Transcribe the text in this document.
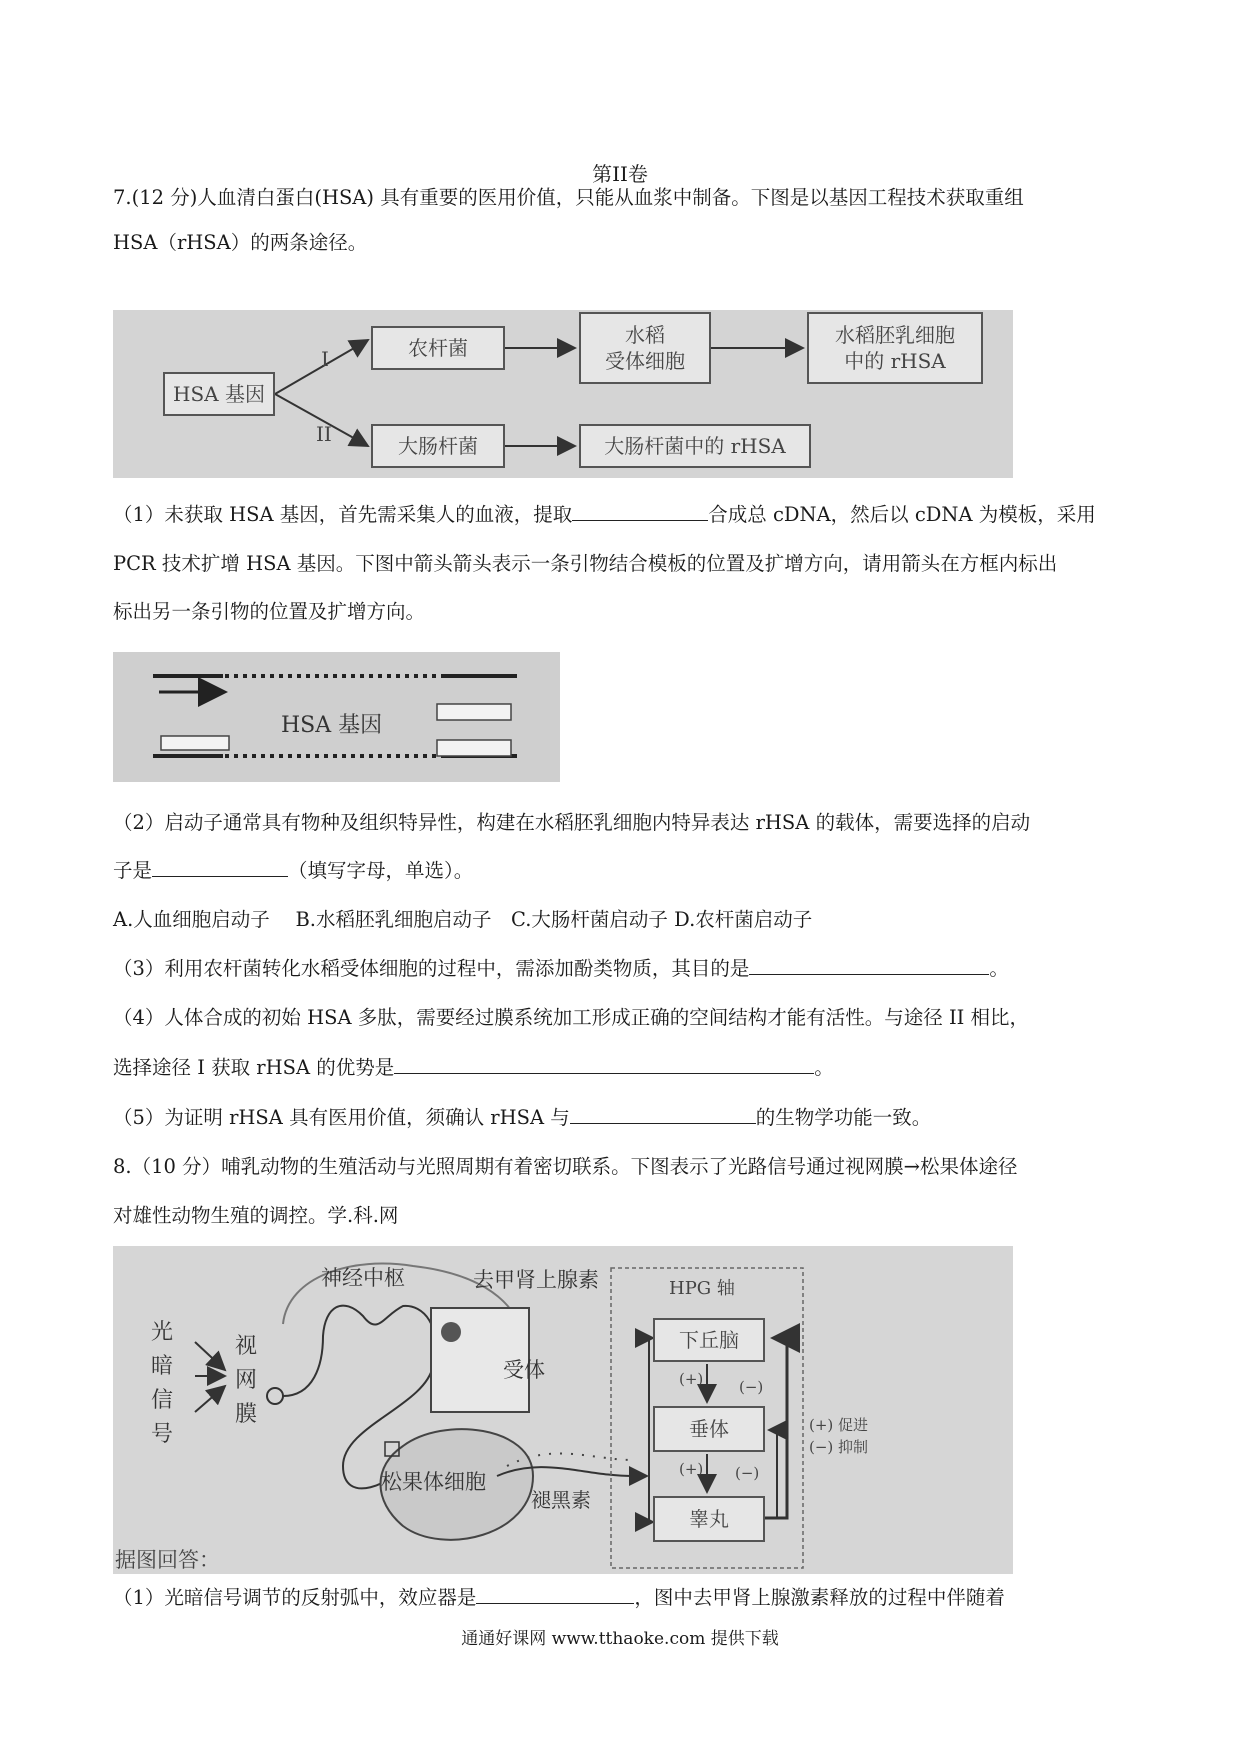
第II卷
7.(12 分)人血清白蛋白(HSA) 具有重要的医用价值，只能从血浆中制备。下图是以基因工程技术获取重组
HSA（rHSA）的两条途径。
HSA 基因
I
II
农杆菌
水稻
受体细胞
水稻胚乳细胞
中的 rHSA
大肠杆菌	大肠杆菌中的 rHSA
（1）未获取 HSA 基因，首先需采集人的血液，提取	合成总 cDNA，然后以 cDNA 为模板，采用
PCR 技术扩增 HSA 基因。下图中箭头箭头表示一条引物结合模板的位置及扩增方向，请用箭头在方框内标出
标出另一条引物的位置及扩增方向。
HSA 基因
（2）启动子通常具有物种及组织特异性，构建在水稻胚乳细胞内特异表达 rHSA 的载体，需要选择的启动
子是	（填写字母，单选）。
A.人血细胞启动子　 B.水稻胚乳细胞启动子　C.大肠杆菌启动子 D.农杆菌启动子
（3）利用农杆菌转化水稻受体细胞的过程中，需添加酚类物质，其目的是	。
（4）人体合成的初始 HSA 多肽，需要经过膜系统加工形成正确的空间结构才能有活性。与途径 II 相比，
选择途径 I 获取 rHSA 的优势是	。
（5）为证明 rHSA 具有医用价值，须确认 rHSA 与	的生物学功能一致。
8.（10 分）哺乳动物的生殖活动与光照周期有着密切联系。下图表示了光路信号通过视网膜→松果体途径
对雄性动物生殖的调控。学.科.网
光
暗
信
号
视
网
膜
神经中枢	去甲肾上腺素
受体
松果体细胞
褪黑素
HPG 轴
下丘脑
垂体
睾丸
(+)
(+)
(−)
(−)
(+) 促进
(−) 抑制
据图回答：
（1）光暗信号调节的反射弧中，效应器是	，图中去甲肾上腺激素释放的过程中伴随着
通通好课网 www.tthaoke.com 提供下载
